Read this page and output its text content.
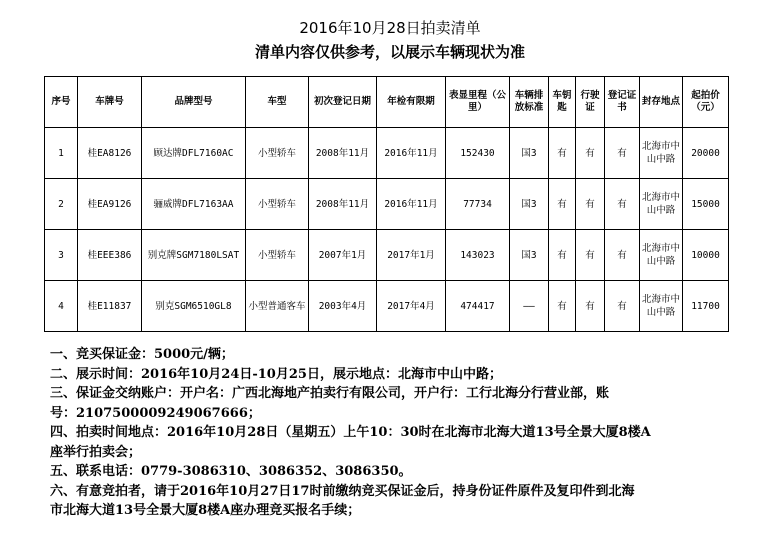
2016年10月28日拍卖清单
清单内容仅供参考，以展示车辆现状为准
序号	车牌号	品牌型号	车型	初次登记日期	年检有限期	表显里程（公里）	车辆排放标准	车钥匙	行驶证	登记证书	封存地点	起拍价（元）
1	桂EA8126	顾达牌DFL7160AC	小型轿车	2008年11月	2016年11月	152430	国3	有	有	有	北海市中山中路	20000
2	桂EA9126	骊威牌DFL7163AA	小型轿车	2008年11月	2016年11月	77734	国3	有	有	有	北海市中山中路	15000
3	桂EEE386	别克牌SGM7180LSAT	小型轿车	2007年1月	2017年1月	143023	国3	有	有	有	北海市中山中路	10000
4	桂E11837	别克SGM6510GL8	小型普通客车	2003年4月	2017年4月	474417	——	有	有	有	北海市中山中路	11700
一、竞买保证金：5000元/辆；
二、展示时间：2016年10月24日-10月25日，展示地点：北海市中山中路；
三、保证金交纳账户：开户名：广西北海地产拍卖行有限公司，开户行：工行北海分行营业部，账
号：2107500009249067666；
四、拍卖时间地点：2016年10月28日（星期五）上午10：30时在北海市北海大道13号全景大厦8楼A
座举行拍卖会；
五、联系电话：0779-3086310、3086352、3086350。
六、有意竞拍者，请于2016年10月27日17时前缴纳竞买保证金后，持身份证件原件及复印件到北海
市北海大道13号全景大厦8楼A座办理竞买报名手续；
